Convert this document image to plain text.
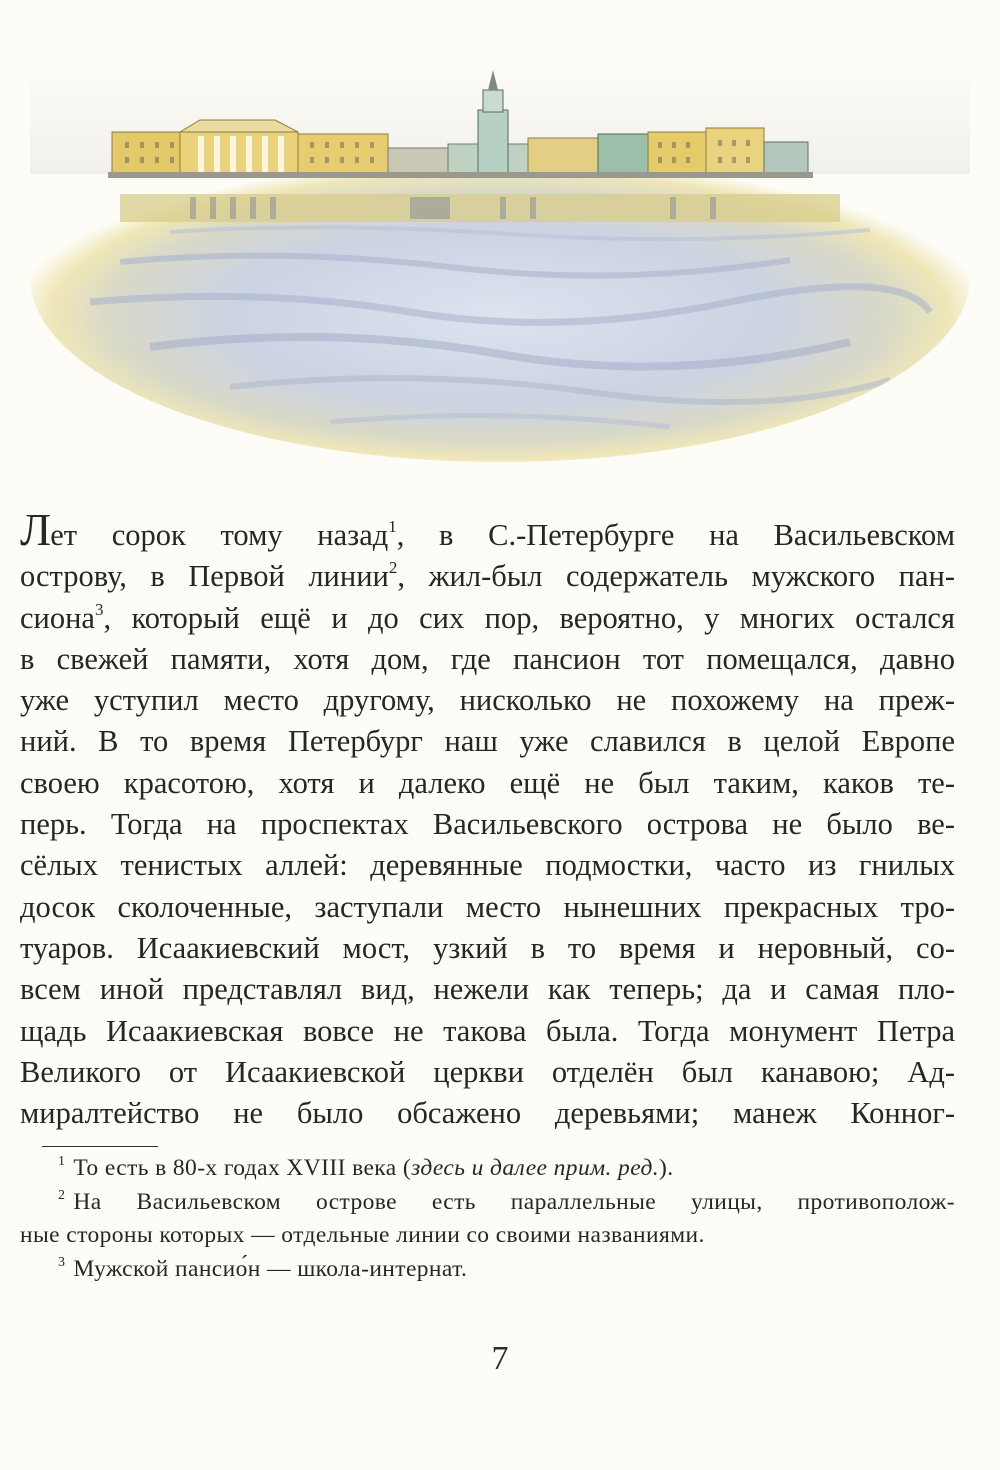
Лет сорок тому назад$^1$, в С.-Петербурге на Васильевском
острову, в Первой линии$^2$, жил-был содержатель мужского пан-
сиона$^3$, который ещё и до сих пор, вероятно, у многих остался
в свежей памяти, хотя дом, где пансион тот помещался, давно
уже уступил место другому, нисколько не похожему на преж-
ний. В то время Петербург наш уже славился в целой Европе
своею красотою, хотя и далеко ещё не был таким, каков те-
перь. Тогда на проспектах Васильевского острова не было ве-
сёлых тенистых аллей: деревянные подмостки, часто из гнилых
досок сколоченные, заступали место нынешних прекрасных тро-
туаров. Исаакиевский мост, узкий в то время и неровный, со-
всем иной представлял вид, нежели как теперь; да и самая пло-
щадь Исаакиевская вовсе не такова была. Тогда монумент Петра
Великого от Исаакиевской церкви отделён был канавою; Ад-
миралтейство не было обсажено деревьями; манеж Конног-
$^1$ То есть в 80-х годах XVIII века (здесь и далее прим. ред.).
$^2$ На Васильевском острове есть параллельные улицы, противополож-
ные стороны которых — отдельные линии со своими названиями.
$^3$ Мужской пансио́н — школа-интернат.
7
